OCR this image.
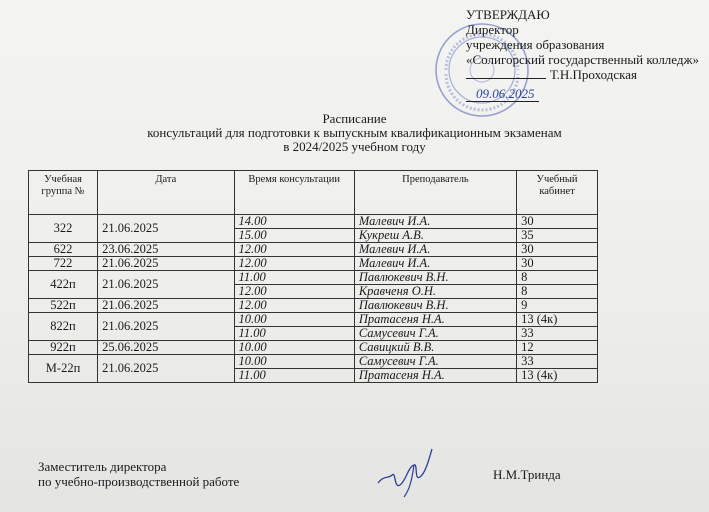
УТВЕРЖДАЮ
Директор
учреждения образования
«Солигорский государственный колледж»
Т.Н.Проходская
09.06.2025
Расписание
консультаций для подготовки к выпускным квалификационным экзаменам
в 2024/2025 учебном году
Учебная группа №	Дата	Время консультации	Преподаватель	Учебный кабинет
322	21.06.2025	14.00	Малевич И.А.	30
		15.00	Кукреш А.В.	35
622	23.06.2025	12.00	Малевич И.А.	30
722	21.06.2025	12.00	Малевич И.А.	30
422п	21.06.2025	11.00	Павлюкевич В.Н.	8
		12.00	Кравченя О.Н.	8
522п	21.06.2025	12.00	Павлюкевич В.Н.	9
822п	21.06.2025	10.00	Пратасеня Н.А.	13 (4к)
		11.00	Самусевич Г.А.	33
922п	25.06.2025	10.00	Савицкий В.В.	12
М-22п	21.06.2025	10.00	Самусевич Г.А.	33
		11.00	Пратасеня Н.А.	13 (4к)
Заместитель директора
по учебно-производственной работе	Н.М.Тринда
